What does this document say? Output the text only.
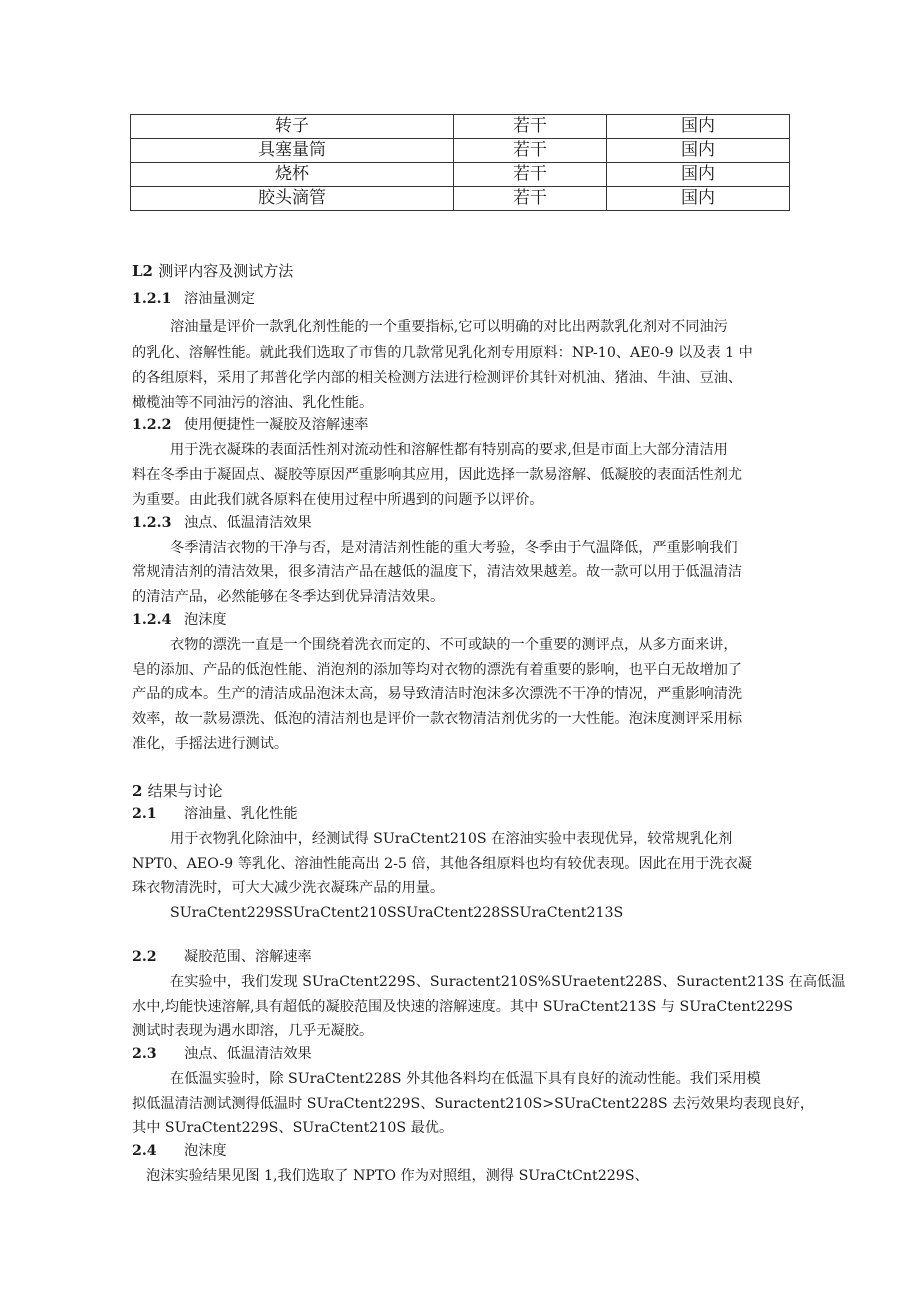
转子	若干	国内
具塞量筒	若干	国内
烧杯	若干	国内
胶头滴管	若干	国内
L2 测评内容及测试方法
1.2.1 溶油量测定
溶油量是评价一款乳化剂性能的一个重要指标,它可以明确的对比出两款乳化剂对不同油污
的乳化、溶解性能。就此我们选取了市售的几款常见乳化剂专用原料：NP-10、AE0-9 以及表 1 中
的各组原料，采用了邦普化学内部的相关检测方法进行检测评价其针对机油、猪油、牛油、豆油、
橄榄油等不同油污的溶油、乳化性能。
1.2.2 使用便捷性一凝胶及溶解速率
用于洗衣凝珠的表面活性剂对流动性和溶解性都有特别高的要求,但是市面上大部分清洁用
料在冬季由于凝固点、凝胶等原因严重影响其应用，因此选择一款易溶解、低凝胶的表面活性剂尤
为重要。由此我们就各原料在使用过程中所遇到的问题予以评价。
1.2.3 浊点、低温清洁效果
冬季清洁衣物的干净与否，是对清洁剂性能的重大考验，冬季由于气温降低，严重影响我们
常规清洁剂的清洁效果，很多清洁产品在越低的温度下，清洁效果越差。故一款可以用于低温清洁
的清洁产品，必然能够在冬季达到优异清洁效果。
1.2.4 泡沫度
衣物的漂洗一直是一个围绕着洗衣而定的、不可或缺的一个重要的测评点，从多方面来讲，
皂的添加、产品的低泡性能、消泡剂的添加等均对衣物的漂洗有着重要的影响，也平白无故增加了
产品的成本。生产的清洁成品泡沫太高，易导致清洁时泡沫多次漂洗不干净的情况，严重影响清洗
效率，故一款易漂洗、低泡的清洁剂也是评价一款衣物清洁剂优劣的一大性能。泡沫度测评采用标
准化，手摇法进行测试。
2 结果与讨论
2.1 溶油量、乳化性能
用于衣物乳化除油中，经测试得 SUraCtent210S 在溶油实验中表现优异，较常规乳化剂
NPT0、AEO-9 等乳化、溶油性能高出 2-5 倍，其他各组原料也均有较优表现。因此在用于洗衣凝
珠衣物清洗时，可大大减少洗衣凝珠产品的用量。
SUraCtent229SSUraCtent210SSUraCtent228SSUraCtent213S
2.2 凝胶范围、溶解速率
在实验中，我们发现 SUraCtent229S、Suractent210S%SUraetent228S、Suractent213S 在高低温
水中,均能快速溶解,具有超低的凝胶范围及快速的溶解速度。其中 SUraCtent213S 与 SUraCtent229S
测试时表现为遇水即溶，几乎无凝胶。
2.3 浊点、低温清洁效果
在低温实验时，除 SUraCtent228S 外其他各料均在低温下具有良好的流动性能。我们采用模
拟低温清洁测试测得低温时 SUraCtent229S、Suractent210S>SUraCtent228S 去污效果均表现良好，
其中 SUraCtent229S、SUraCtent210S 最优。
2.4 泡沫度
泡沫实验结果见图 1,我们选取了 NPTO 作为对照组，测得 SUraCtCnt229S、
